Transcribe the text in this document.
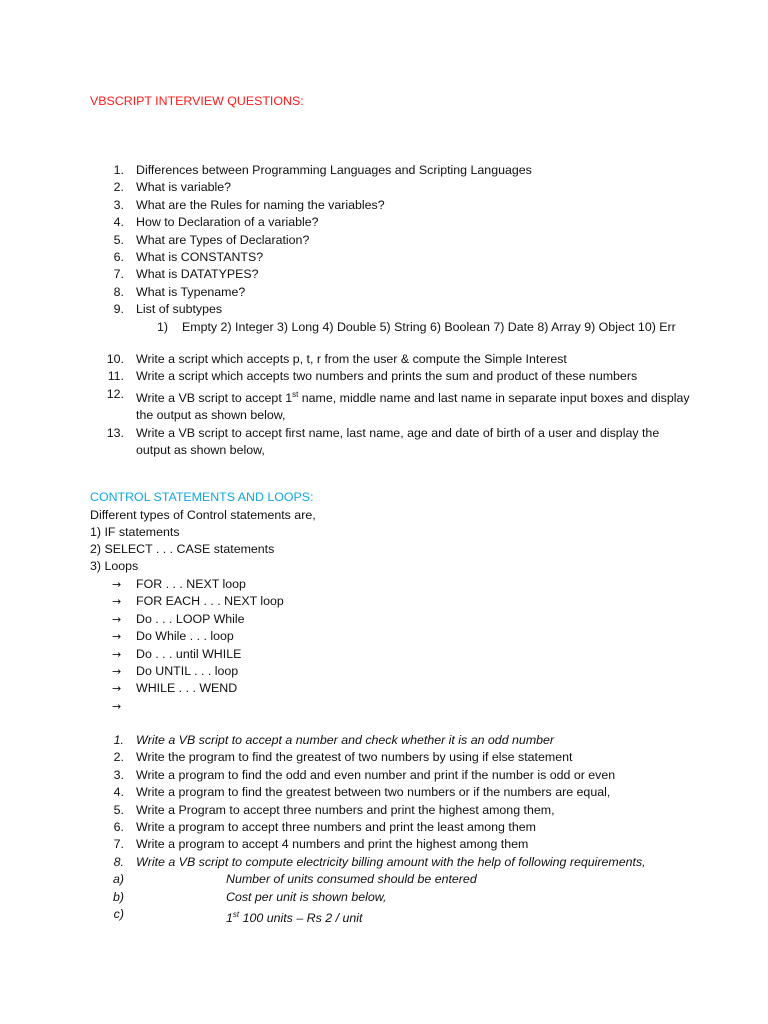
VBSCRIPT INTERVIEW QUESTIONS:
1. Differences between Programming Languages and Scripting Languages
2. What is variable?
3. What are the Rules for naming the variables?
4. How to Declaration of a variable?
5. What are Types of Declaration?
6. What is CONSTANTS?
7. What is DATATYPES?
8. What is Typename?
9. List of subtypes
1) Empty 2) Integer 3) Long 4) Double 5) String 6) Boolean 7) Date 8) Array 9) Object 10) Err
10. Write a script which accepts p, t, r from the user & compute the Simple Interest
11. Write a script which accepts two numbers and prints the sum and product of these numbers
12. Write a VB script to accept 1st name, middle name and last name in separate input boxes and display the output as shown below,
13. Write a VB script to accept first name, last name, age and date of birth of a user and display the output as shown below,
CONTROL STATEMENTS AND LOOPS:
Different types of Control statements are,
1) IF statements
2) SELECT . . . CASE statements
3) Loops
→ FOR . . . NEXT loop
→ FOR EACH . . . NEXT loop
→ Do . . . LOOP While
→ Do While . . . loop
→ Do . . . until WHILE
→ Do UNTIL . . . loop
→ WHILE . . . WEND
→
1. Write a VB script to accept a number and check whether it is an odd number
2. Write the program to find the greatest of two numbers by using if else statement
3. Write a program to find the odd and even number and print if the number is odd or even
4. Write a program to find the greatest between two numbers or if the numbers are equal,
5. Write a Program to accept three numbers and print the highest among them,
6. Write a program to accept three numbers and print the least among them
7. Write a program to accept 4 numbers and print the highest among them
8. Write a VB script to compute electricity billing amount with the help of following requirements,
a)	Number of units consumed should be entered
b)	Cost per unit is shown below,
c)	1st 100 units – Rs 2 / unit
